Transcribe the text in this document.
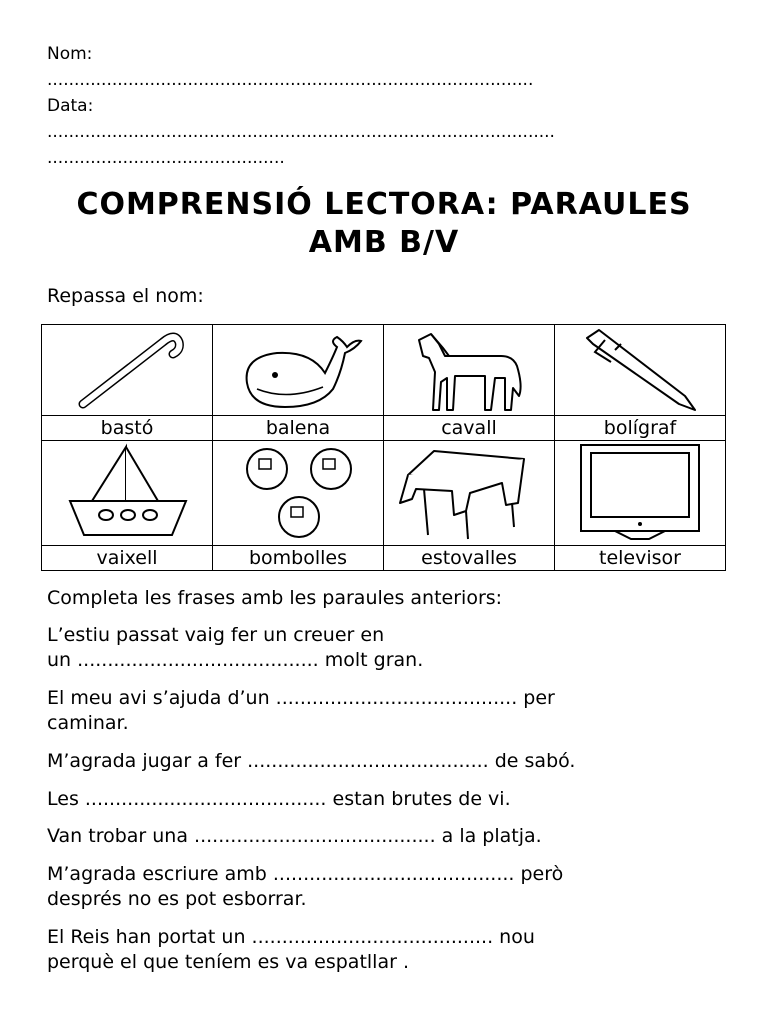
Nom:
..........................................................................................
Data:
..............................................................................................
............................................
COMPRENSIÓ LECTORA: PARAULES
AMB B/V
Repassa el nom:

bastó	balena	cavall	bolígraf

vaixell	bombolles	estovalles	televisor
Completa les frases amb les paraules anteriors:
L’estiu passat vaig fer un creuer en
un ........................................ molt gran.
El meu avi s’ajuda d’un ........................................ per
caminar.
M’agrada jugar a fer ........................................ de sabó.
Les ........................................ estan brutes de vi.
Van trobar una ........................................ a la platja.
M’agrada escriure amb ........................................ però
després no es pot esborrar.
El Reis han portat un ........................................ nou
perquè el que teníem es va espatllar .
